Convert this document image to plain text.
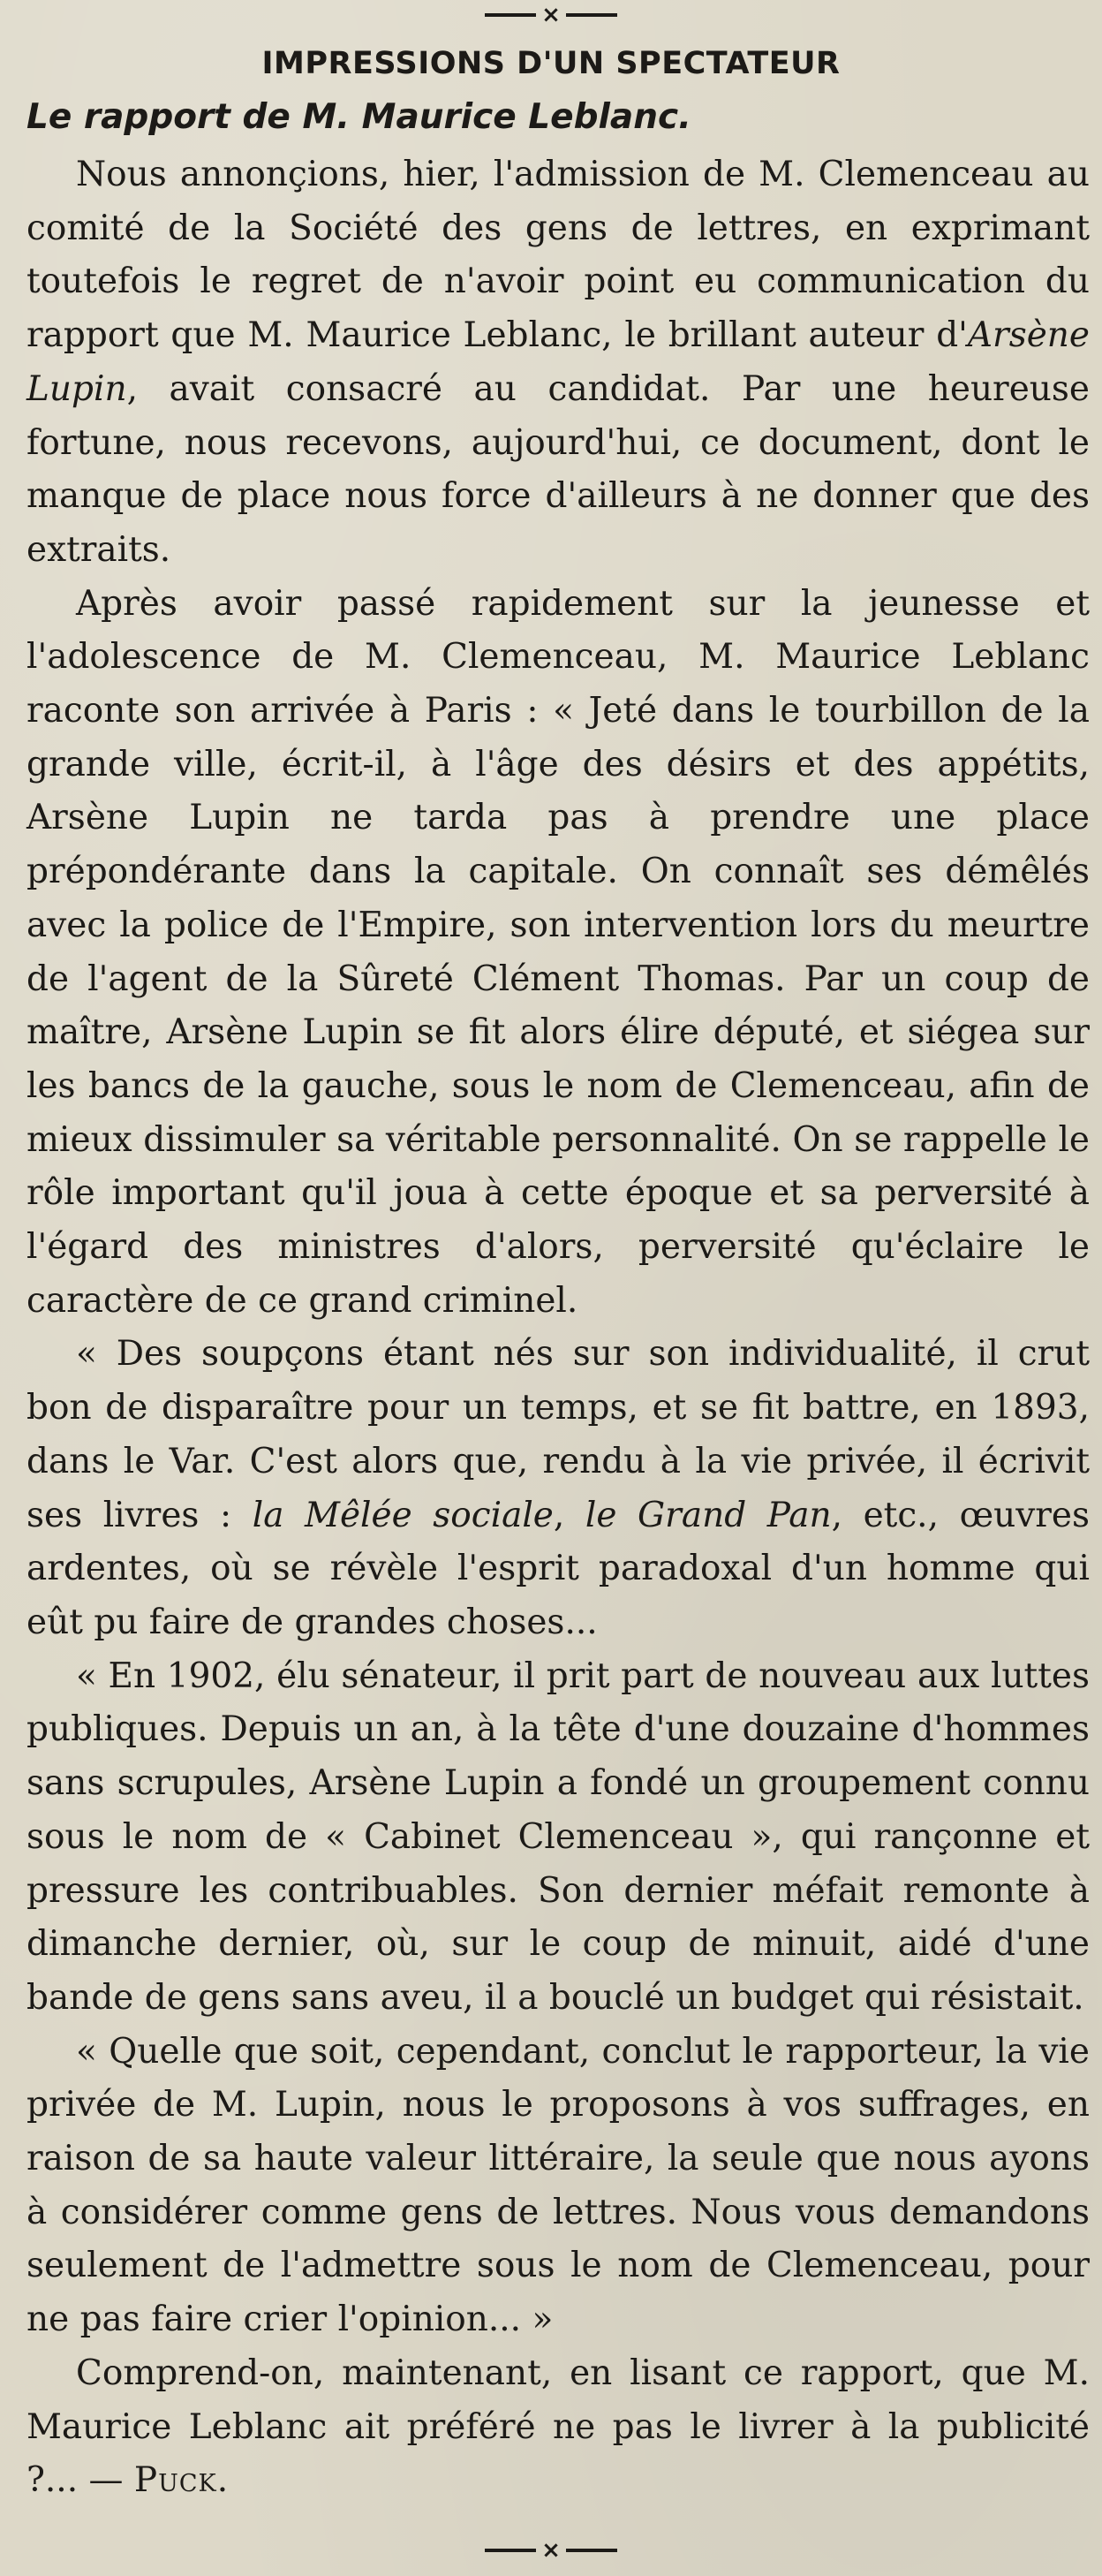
×
IMPRESSIONS D'UN SPECTATEUR
Le rapport de M. Maurice Leblanc.

Nous annonçions, hier, l'admission de M. Clemenceau au comité de la Société des gens de lettres, en exprimant toutefois le regret de n'avoir point eu communication du rapport que M. Maurice Leblanc, le brillant auteur d'Arsène Lupin, avait consacré au candidat. Par une heureuse fortune, nous recevons, aujourd'hui, ce document, dont le manque de place nous force d'ailleurs à ne donner que des extraits.

Après avoir passé rapidement sur la jeunesse et l'adolescence de M. Clemenceau, M. Maurice Leblanc raconte son arrivée à Paris : « Jeté dans le tourbillon de la grande ville, écrit-il, à l'âge des désirs et des appétits, Arsène Lupin ne tarda pas à prendre une place prépondérante dans la capitale. On connaît ses démêlés avec la police de l'Empire, son intervention lors du meurtre de l'agent de la Sûreté Clément Thomas. Par un coup de maître, Arsène Lupin se fit alors élire député, et siégea sur les bancs de la gauche, sous le nom de Clemenceau, afin de mieux dissimuler sa véritable personnalité. On se rappelle le rôle important qu'il joua à cette époque et sa perversité à l'égard des ministres d'alors, perversité qu'éclaire le caractère de ce grand criminel.

« Des soupçons étant nés sur son individualité, il crut bon de disparaître pour un temps, et se fit battre, en 1893, dans le Var. C'est alors que, rendu à la vie privée, il écrivit ses livres : la Mêlée sociale, le Grand Pan, etc., œuvres ardentes, où se révèle l'esprit paradoxal d'un homme qui eût pu faire de grandes choses...

« En 1902, élu sénateur, il prit part de nouveau aux luttes publiques. Depuis un an, à la tête d'une douzaine d'hommes sans scrupules, Arsène Lupin a fondé un groupement connu sous le nom de « Cabinet Clemenceau », qui rançonne et pressure les contribuables. Son dernier méfait remonte à dimanche dernier, où, sur le coup de minuit, aidé d'une bande de gens sans aveu, il a bouclé un budget qui résistait.

« Quelle que soit, cependant, conclut le rapporteur, la vie privée de M. Lupin, nous le proposons à vos suffrages, en raison de sa haute valeur littéraire, la seule que nous ayons à considérer comme gens de lettres. Nous vous demandons seulement de l'admettre sous le nom de Clemenceau, pour ne pas faire crier l'opinion... »

Comprend-on, maintenant, en lisant ce rapport, que M. Maurice Leblanc ait préféré ne pas le livrer à la publicité ?... — Puck.

×
